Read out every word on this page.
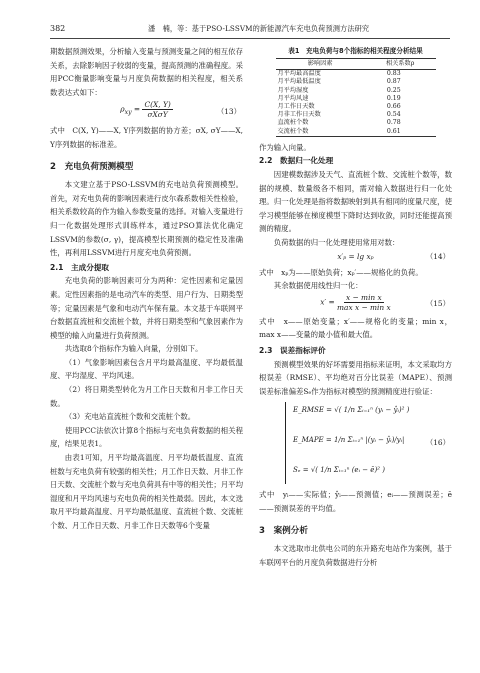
382	潘　楠，等：基于PSO-LSSVM的新能源汽车充电负荷预测方法研究

期数据预测效果，分析输入变量与预测变量之间的相互依存关系，去除影响因子较弱的变量，提高预测的准确程度。采用PCC衡量影响变量与月度负荷数据的相关程度，相关系数表达式如下：

$\rho_{xy} = \frac{C(X, Y)}{\text{σXσY}}$	（13）

式中　C(X, Y)——X, Y序列数据的协方差；σX, σY——X, Y序列数据的标准差。

2　充电负荷预测模型

本文建立基于PSO-LSSVM的充电站负荷预测模型。首先，对充电负荷的影响因素进行皮尔森系数相关性检验，相关系数较高的作为输入参数变量的选择。对输入变量进行归一化数据处理形式训练样本，通过PSO算法优化确定LSSVM的参数(σ, γ)，提高模型长期预测的稳定性及准确性，再利用LSSVM进行月度充电负荷预测。

2.1　主成分提取

充电负荷的影响因素可分为两种：定性因素和定量因素。定性因素指的是电动汽车的类型、用户行为、日期类型等；定量因素是气象和电动汽车保有量。本文基于车联网平台数据直流桩和交流桩个数，并将日期类型和气象因素作为模型的输入向量进行负荷预测。

共选取8个指标作为输入向量，分别如下。

（1）气象影响因素包含月平均最高温度、平均最低温度、平均湿度、平均风速。

（2）将日期类型转化为月工作日天数和月非工作日天数。

（3）充电站直流桩个数和交流桩个数。

使用PCC法依次计算8个指标与充电负荷数据的相关程度，结果见表1。

由表1可知，月平均最高温度、月平均最低温度、直流桩数与充电负荷有较强的相关性；月工作日天数、月非工作日天数、交流桩个数与充电负荷具有中等的相关性；月平均湿度和月平均风速与充电负荷的相关性最弱。因此，本文选取月平均最高温度、月平均最低温度、直流桩个数、交流桩个数、月工作日天数、月非工作日天数等6个变量

表1　充电负荷与8个指标的相关程度分析结果

影响因素	相关系数ρ
月平均最高温度	0.83
月平均最低温度	0.87
月平均湿度	0.25
月平均风速	0.19
月工作日天数	0.66
月非工作日天数	0.54
直流桩个数	0.78
交流桩个数	0.61

作为输入向量。

2.2　数据归一化处理

因建模数据涉及天气、直流桩个数、交流桩个数等，数据的规模、数量级各不相同，需对输入数据进行归一化处理。归一化处理是指将数据映射到具有相同的度量尺度，使学习模型能够在梯度模型下降时达到收敛，同时还能提高预测的精度。

负荷数据的归一化处理使用常用对数：

x′ₚ = lg xₚ	（14）

式中　xₚ为——原始负荷；xₚ′——规格化的负荷。

其余数据使用线性归一化：

$x' = \frac{\text{x − min x}}{\text{max x − min x}}$	（15）

式中　x——原始变量；x′——规格化的变量；min x，max x——变量的最小值和最大值。

2.3　误差指标评价

预测模型效果的好坏需要用指标来证明，本文采取均方根误差（RMSE）、平均绝对百分比误差（MAPE）、预测误差标准偏差Sₑ作为指标对模型的预测精度进行验证：

E_RMSE = √( 1/n Σᵢ₌₁ⁿ (yᵢ − ŷᵢ)² )
E_MAPE = 1/n Σᵢ₌₁ⁿ |(yᵢ − ŷᵢ)/yᵢ|
Sₑ = √( 1/n Σᵢ₌₁ⁿ (eᵢ − ē)² )
（16）

式中　yᵢ——实际值；ŷᵢ——预测值；eᵢ——预测误差；ē——预测误差的平均值。

3　案例分析

本文选取市北供电公司的东升路充电站作为案例，基于车联网平台的月度负荷数据进行分析
